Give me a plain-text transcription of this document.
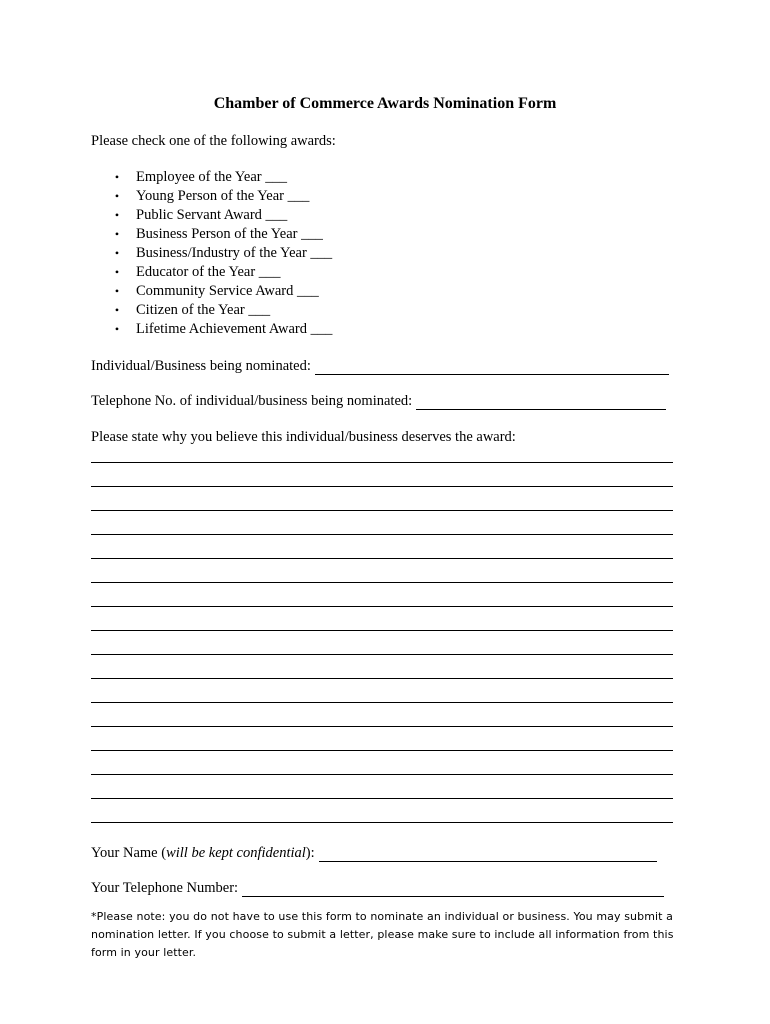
Chamber of Commerce Awards Nomination Form
Please check one of the following awards:
• Employee of the Year ___
• Young Person of the Year ___
• Public Servant Award ___
• Business Person of the Year ___
• Business/Industry of the Year ___
• Educator of the Year ___
• Community Service Award ___
• Citizen of the Year ___
• Lifetime Achievement Award ___
Individual/Business being nominated:
Telephone No. of individual/business being nominated:
Please state why you believe this individual/business deserves the award:
Your Name (will be kept confidential):
Your Telephone Number:
*Please note: you do not have to use this form to nominate an individual or business. You may submit a nomination letter. If you choose to submit a letter, please make sure to include all information from this form in your letter.
